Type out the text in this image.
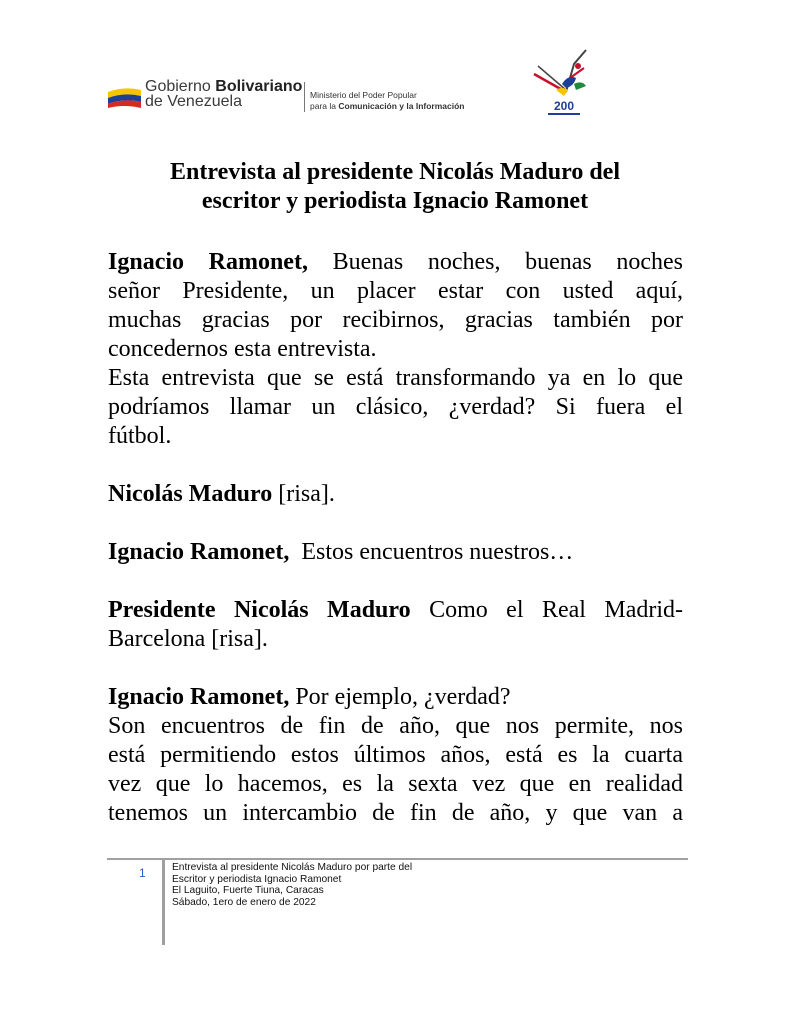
Gobierno Bolivariano
de Venezuela	Ministerio del Poder Popular
para la Comunicación y la Información	200
Entrevista al presidente Nicolás Maduro del
escritor y periodista Ignacio Ramonet
Ignacio Ramonet, Buenas noches, buenas noches
señor Presidente, un placer estar con usted aquí,
muchas gracias por recibirnos, gracias también por
concedernos esta entrevista.
Esta entrevista que se está transformando ya en lo que
podríamos llamar un clásico, ¿verdad? Si fuera el
fútbol.
Nicolás Maduro [risa].
Ignacio Ramonet,  Estos encuentros nuestros…
Presidente Nicolás Maduro Como el Real Madrid-
Barcelona [risa].
Ignacio Ramonet, Por ejemplo, ¿verdad?
Son encuentros de fin de año, que nos permite, nos
está permitiendo estos últimos años, está es la cuarta
vez que lo hacemos, es la sexta vez que en realidad
tenemos un intercambio de fin de año, y que van a
1	Entrevista al presidente Nicolás Maduro por parte del
Escritor y periodista Ignacio Ramonet
El Laguito, Fuerte Tiuna, Caracas
Sábado, 1ero de enero de 2022
